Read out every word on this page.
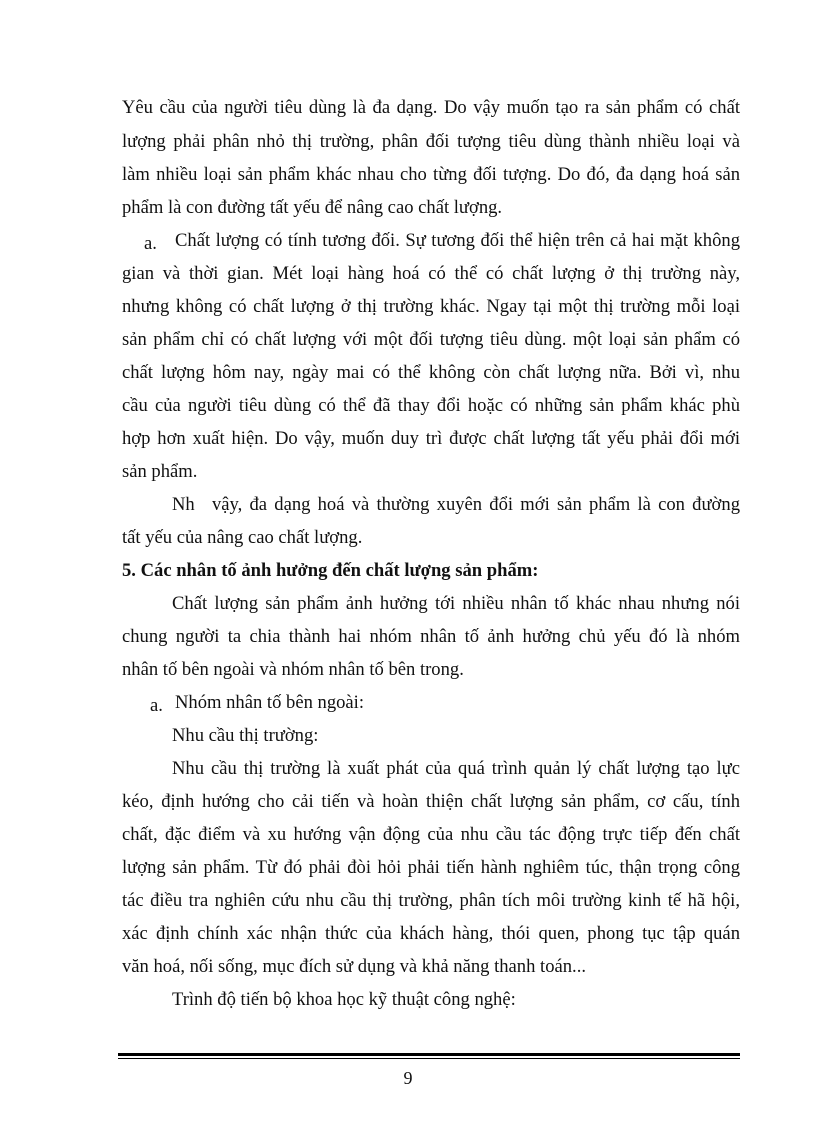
Yêu cầu của người tiêu dùng là đa dạng. Do vậy muốn tạo ra sản phẩm có chất
lượng phải phân nhỏ thị trường, phân đối tượng tiêu dùng thành nhiều loại và
làm nhiều loại sản phẩm khác nhau cho từng đối tượng. Do đó, đa dạng hoá sản
phẩm là con đường tất yếu để nâng cao chất lượng.
a. Chất lượng có tính tương đối. Sự tương đối thể hiện trên cả hai mặt không
gian và thời gian. Mét loại hàng hoá có thể có chất lượng ở thị trường này,
nhưng không có chất lượng ở thị trường khác. Ngay tại một thị trường mỗi loại
sản phẩm chỉ có chất lượng với một đối tượng tiêu dùng. một loại sản phẩm có
chất lượng hôm nay, ngày mai có thể không còn chất lượng nữa. Bởi vì, nhu
cầu của người tiêu dùng có thể đã thay đổi hoặc có những sản phẩm khác phù
hợp hơn xuất hiện. Do vậy, muốn duy trì được chất lượng tất yếu phải đổi mới
sản phẩm.
Nh vậy, đa dạng hoá và thường xuyên đổi mới sản phẩm là con đường
tất yếu của nâng cao chất lượng.
5. Các nhân tố ảnh hưởng đến chất lượng sản phẩm:
Chất lượng sản phẩm ảnh hưởng tới nhiều nhân tố khác nhau nhưng nói
chung người ta chia thành hai nhóm nhân tố ảnh hưởng chủ yếu đó là nhóm
nhân tố bên ngoài và nhóm nhân tố bên trong.
a. Nhóm nhân tố bên ngoài:
Nhu cầu thị trường:
Nhu cầu thị trường là xuất phát của quá trình quản lý chất lượng tạo lực
kéo, định hướng cho cải tiến và hoàn thiện chất lượng sản phẩm, cơ cấu, tính
chất, đặc điểm và xu hướng vận động của nhu cầu tác động trực tiếp đến chất
lượng sản phẩm. Từ đó phải đòi hỏi phải tiến hành nghiêm túc, thận trọng công
tác điều tra nghiên cứu nhu cầu thị trường, phân tích môi trường kinh tế hã hội,
xác định chính xác nhận thức của khách hàng, thói quen, phong tục tập quán
văn hoá, nối sống, mục đích sử dụng và khả năng thanh toán...
Trình độ tiến bộ khoa học kỹ thuật công nghệ:
9
